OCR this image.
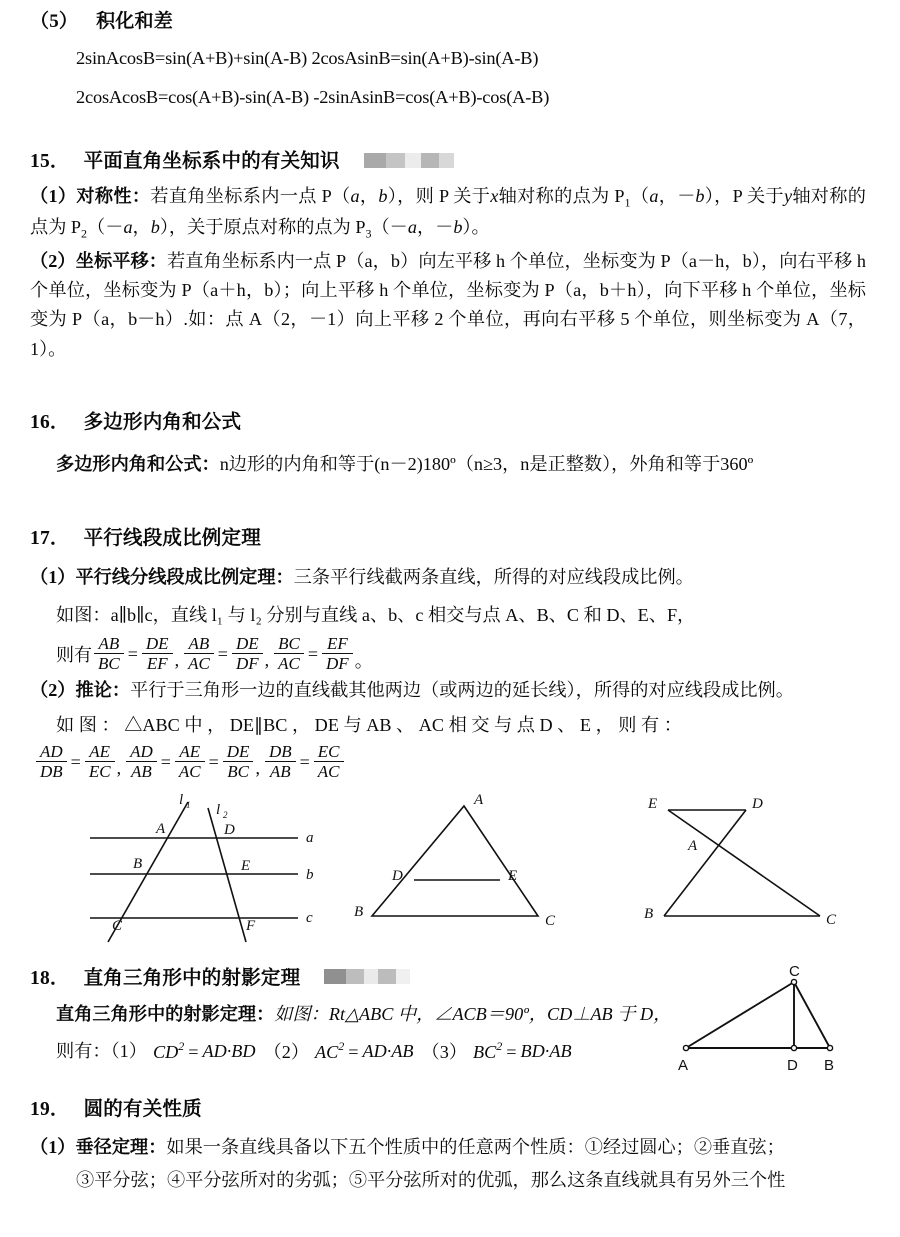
（5） 积化和差
2sinAcosB=sin(A+B)+sin(A-B) 2cosAsinB=sin(A+B)-sin(A-B)
2cosAcosB=cos(A+B)-sin(A-B) -2sinAsinB=cos(A+B)-cos(A-B)
15． 平面直角坐标系中的有关知识
（1）对称性：若直角坐标系内一点 P（a，b），则 P 关于x轴对称的点为 $P_1(a$，－b），P 关于y轴对称的点为 $P_2(-a$，b），关于原点对称的点为 $P_3(-a$，－b）。
（2）坐标平移：若直角坐标系内一点 P（a，b）向左平移 h 个单位，坐标变为 P（a－h，b），向右平移 h 个单位，坐标变为 P（a＋h，b）；向上平移 h 个单位，坐标变为 P（a，b＋h），向下平移 h 个单位，坐标变为 P（a，b－h）.如：点 A（2，－1）向上平移 2 个单位，再向右平移 5 个单位，则坐标变为 A（7，1）。
16． 多边形内角和公式
多边形内角和公式：n边形的内角和等于(n－2)180º（n≥3，n是正整数），外角和等于360º
17． 平行线段成比例定理
（1）平行线分线段成比例定理：三条平行线截两条直线，所得的对应线段成比例。
如图：a∥b∥c，直线 l₁ 与 l₂ 分别与直线 a、b、c 相交与点 A、B、C 和 D、E、F，
则有 $\frac{AB}{BC} = \frac{DE}{EF}$ , $\frac{AB}{AC} = \frac{DE}{DF}$ , $\frac{BC}{AC} = \frac{EF}{DF}$ 。
（2）推论：平行于三角形一边的直线截其他两边（或两边的延长线），所得的对应线段成比例。
如 图 ： △ABC 中 ， DE∥BC ， DE 与 AB 、 AC 相 交 与 点 D 、 E ， 则 有 ：
$\frac{AD}{DB} = \frac{AE}{EC}$ , $\frac{AD}{AB} = \frac{AE}{AC} = \frac{DE}{BC}$ , $\frac{DB}{AB} = \frac{EC}{AC}$
l 1 l 2
A
B
C
D
E
F
a
b
c
A
D	E
B
C
E	D
A
B	C
18． 直角三角形中的射影定理
直角三角形中的射影定理：如图：Rt△ABC 中，∠ACB＝90º，CD⊥AB 于 D，
则有：（1） $CD^2 = AD\cdot BD$ （2） $AC^2 = AD\cdot AB$ （3） $BC^2 = BD\cdot AB$
C
A	D B
19． 圆的有关性质
（1）垂径定理：如果一条直线具备以下五个性质中的任意两个性质：①经过圆心；②垂直弦；
③平分弦；④平分弦所对的劣弧；⑤平分弦所对的优弧，那么这条直线就具有另外三个性
